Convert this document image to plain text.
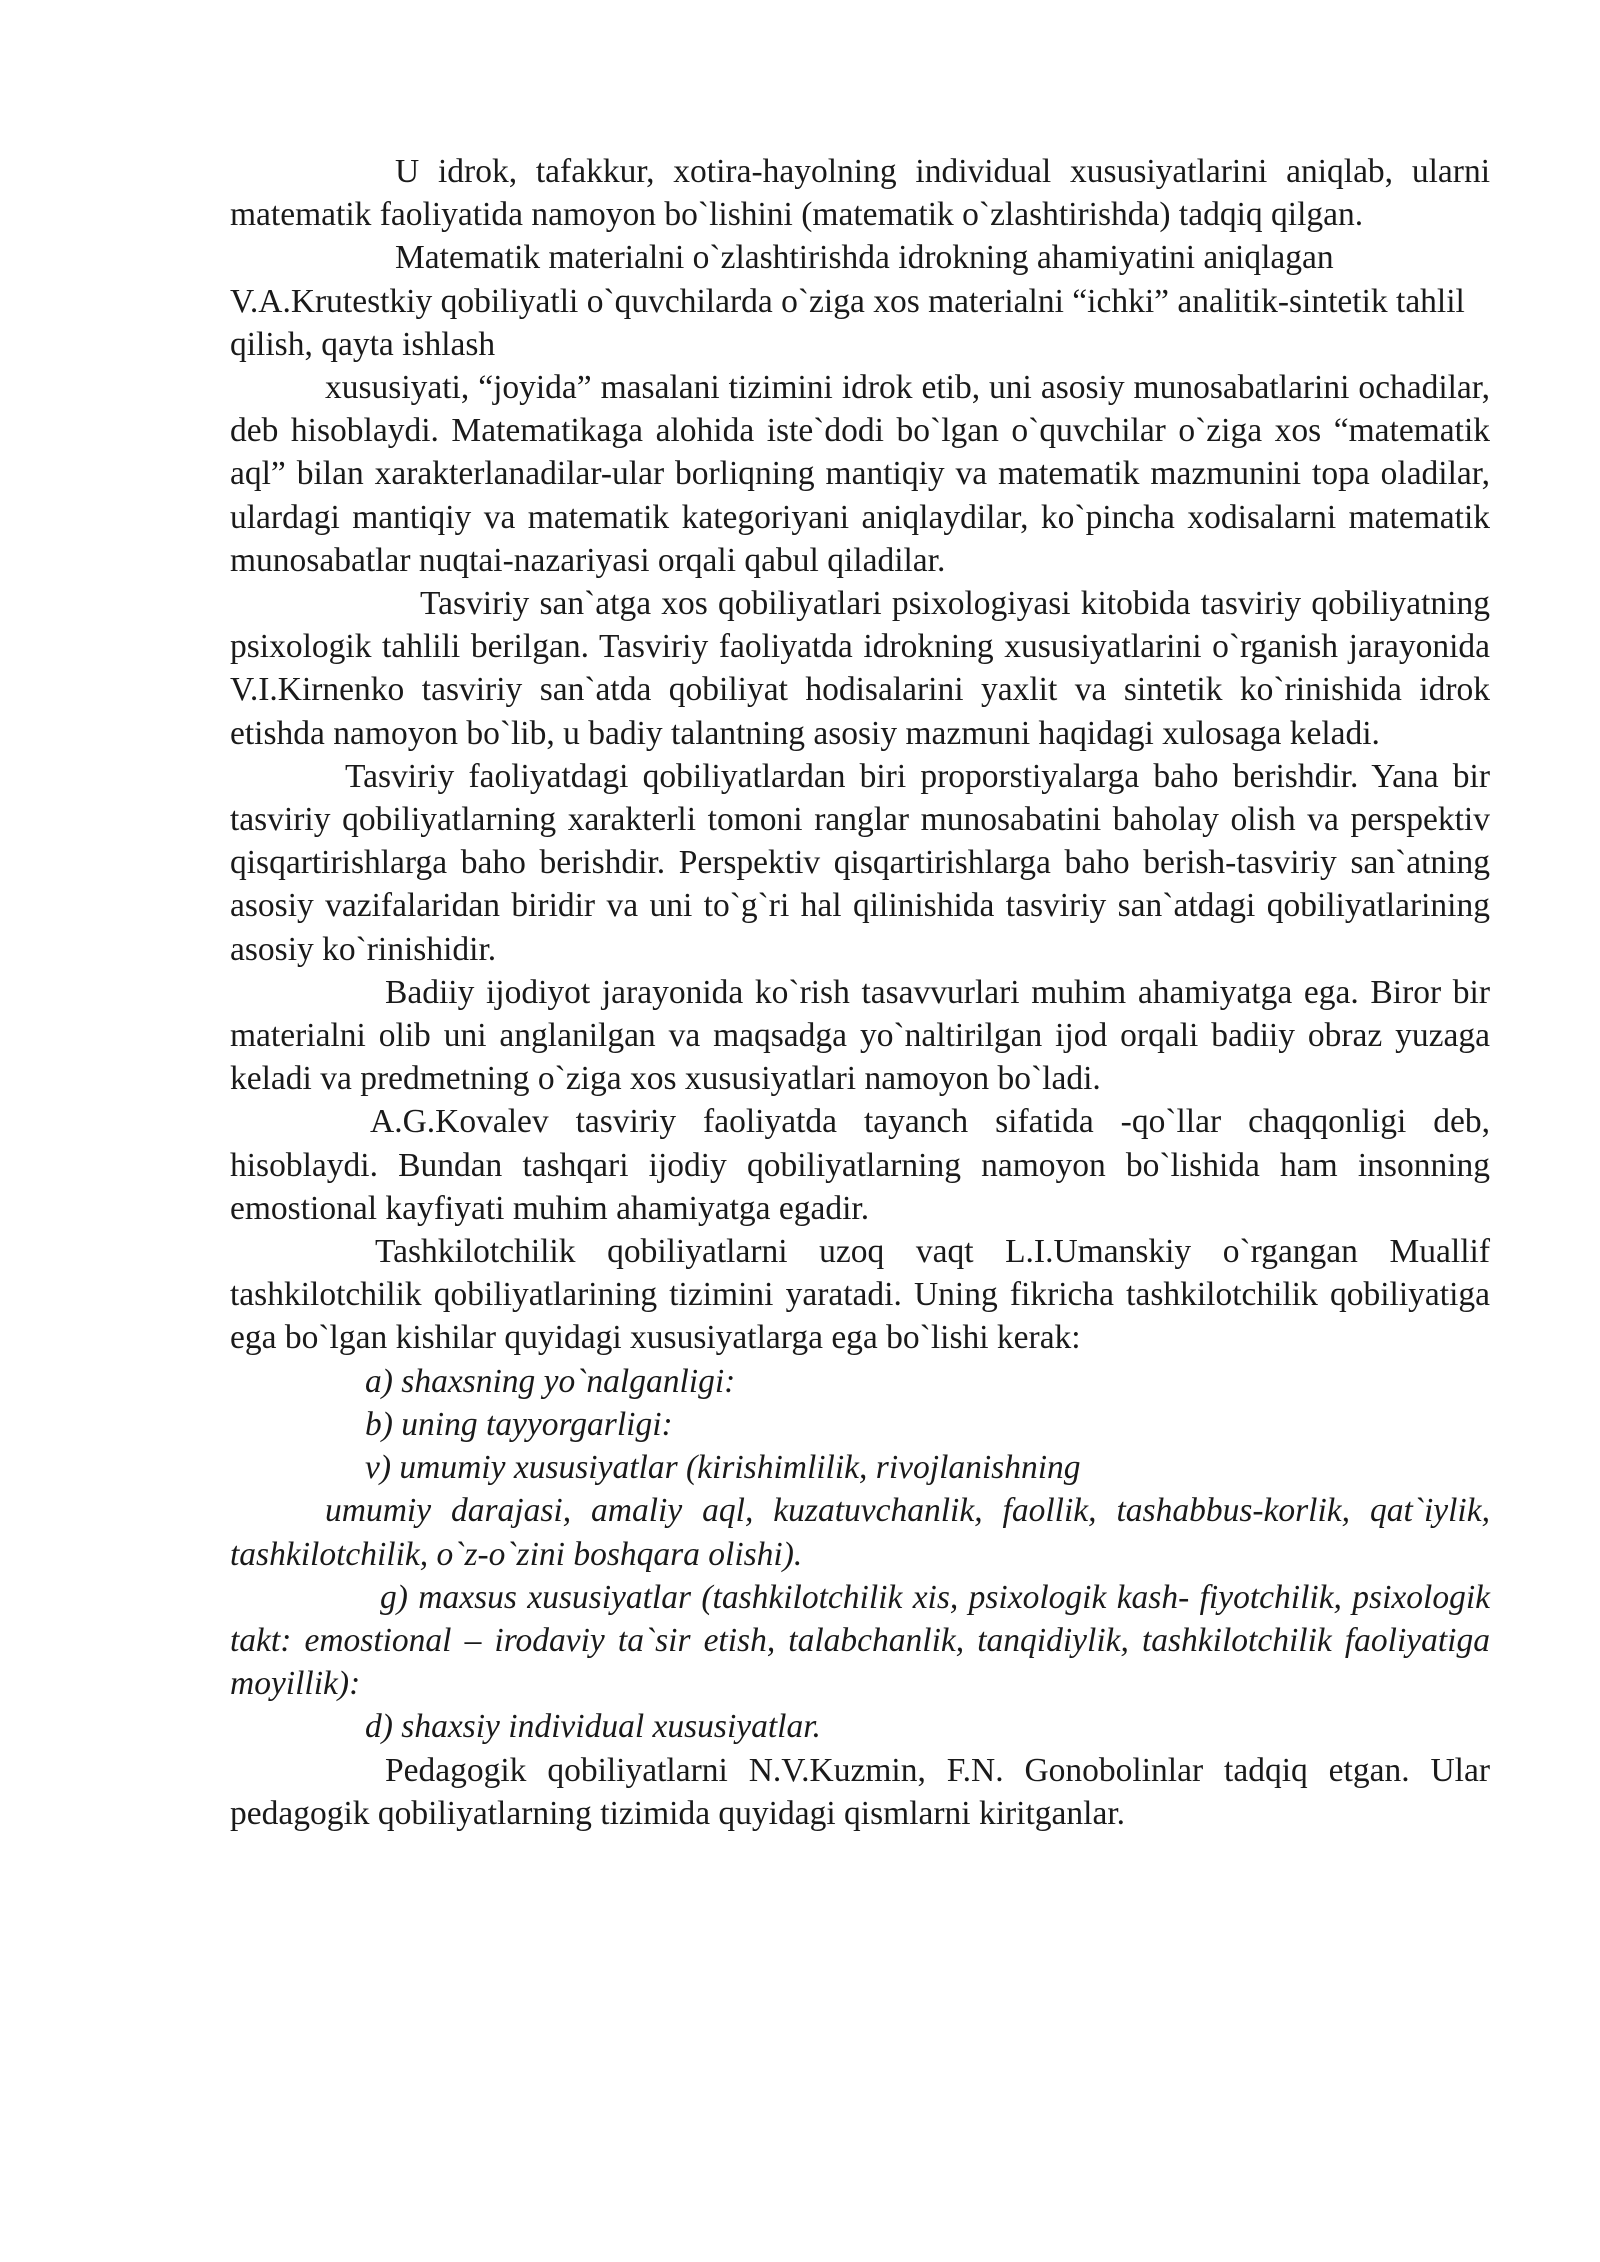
U idrok, tafakkur, xotira-hayolning individual xususiyatlarini aniqlab, ularni matematik faoliyatida namoyon bo`lishini (matematik o`zlashtirishda) tadqiq qilgan.

Matematik materialni o`zlashtirishda idrokning ahamiyatini aniqlagan V.A.Krutestkiy qobiliyatli o`quvchilarda o`ziga xos materialni “ichki” analitik-sintetik tahlil qilish, qayta ishlash

xususiyati, “joyida” masalani tizimini idrok etib, uni asosiy munosabatlarini ochadilar, deb hisoblaydi. Matematikaga alohida iste`dodi bo`lgan o`quvchilar o`ziga xos “matematik aql” bilan xarakterlanadilar-ular borliqning mantiqiy va matematik mazmunini topa oladilar, ulardagi mantiqiy va matematik kategoriyani aniqlaydilar, ko`pincha xodisalarni matematik munosabatlar nuqtai-nazariyasi orqali qabul qiladilar.

Tasviriy san`atga xos qobiliyatlari psixologiyasi kitobida tasviriy qobiliyatning psixologik tahlili berilgan. Tasviriy faoliyatda idrokning xususiyatlarini o`rganish jarayonida V.I.Kirnenko tasviriy san`atda qobiliyat hodisalarini yaxlit va sintetik ko`rinishida idrok etishda namoyon bo`lib, u badiy talantning asosiy mazmuni haqidagi xulosaga keladi.

Tasviriy faoliyatdagi qobiliyatlardan biri proporstiyalarga baho berishdir. Yana bir tasviriy qobiliyatlarning xarakterli tomoni ranglar munosabatini baholay olish va perspektiv qisqartirishlarga baho berishdir. Perspektiv qisqartirishlarga baho berish-tasviriy san`atning asosiy vazifalaridan biridir va uni to`g`ri hal qilinishida tasviriy san`atdagi qobiliyatlarining asosiy ko`rinishidir.

Badiiy ijodiyot jarayonida ko`rish tasavvurlari muhim ahamiyatga ega. Biror bir materialni olib uni anglanilgan va maqsadga yo`naltirilgan ijod orqali badiiy obraz yuzaga keladi va predmetning o`ziga xos xususiyatlari namoyon bo`ladi.

A.G.Kovalev tasviriy faoliyatda tayanch sifatida -qo`llar chaqqonligi deb, hisoblaydi. Bundan tashqari ijodiy qobiliyatlarning namoyon bo`lishida ham insonning emostional kayfiyati muhim ahamiyatga egadir.

Tashkilotchilik qobiliyatlarni uzoq vaqt L.I.Umanskiy o`rgangan Muallif tashkilotchilik qobiliyatlarining tizimini yaratadi. Uning fikricha tashkilotchilik qobiliyatiga ega bo`lgan kishilar quyidagi xususiyatlarga ega bo`lishi kerak:

a) shaxsning yo`nalganligi:

b) uning tayyorgarligi:

v) umumiy xususiyatlar (kirishimlilik, rivojlanishning

umumiy darajasi, amaliy aql, kuzatuvchanlik, faollik, tashabbus-korlik, qat`iylik, tashkilotchilik, o`z-o`zini boshqara olishi).

g) maxsus xususiyatlar (tashkilotchilik xis, psixologik kash- fiyotchilik, psixologik takt: emostional – irodaviy ta`sir etish, talabchanlik, tanqidiylik, tashkilotchilik faoliyatiga moyillik):

d) shaxsiy individual xususiyatlar.

Pedagogik qobiliyatlarni N.V.Kuzmin, F.N. Gonobolinlar tadqiq etgan. Ular pedagogik qobiliyatlarning tizimida quyidagi qismlarni kiritganlar.
